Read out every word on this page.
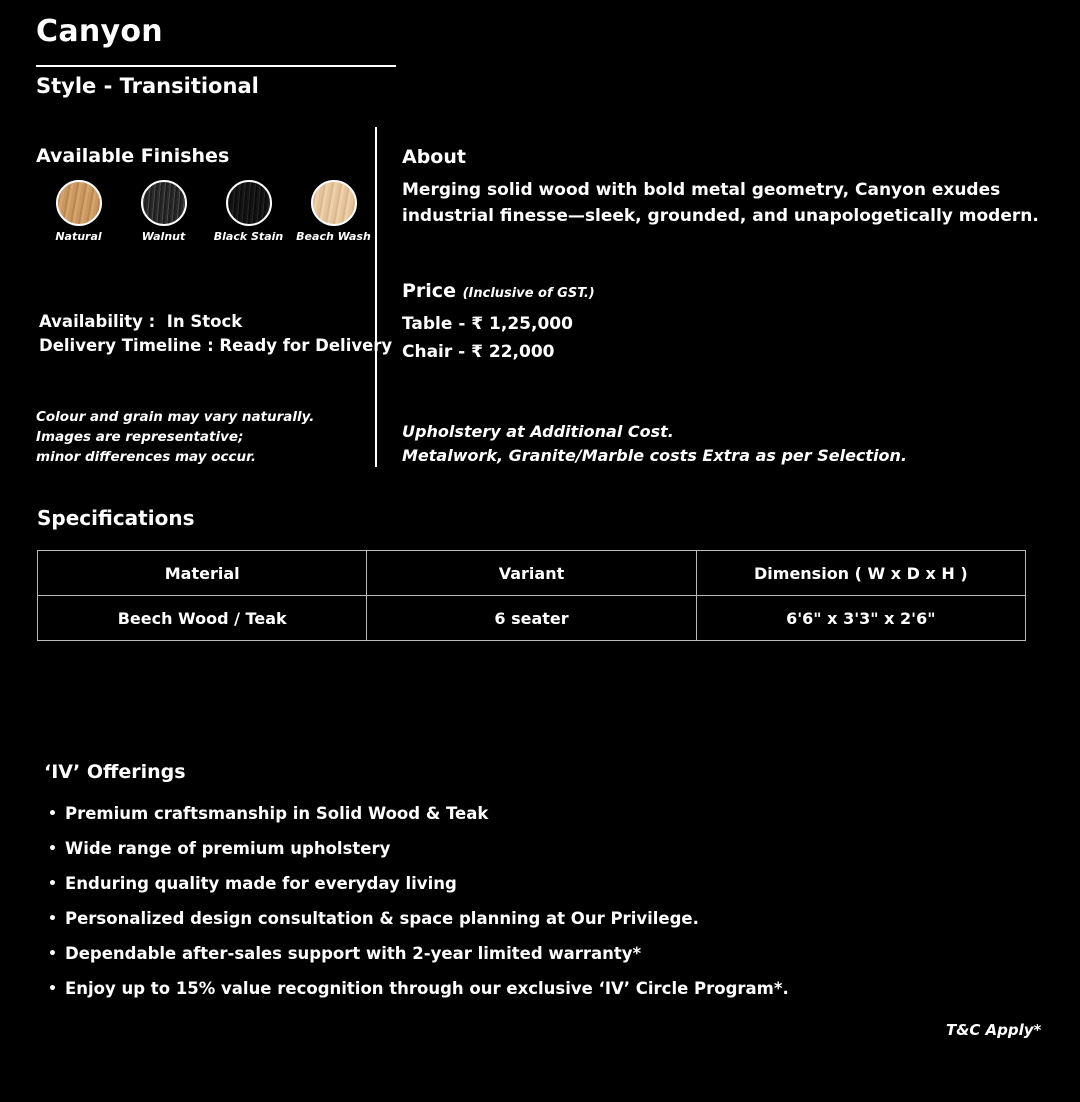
Canyon
Style - Transitional
Available Finishes
Natural	Walnut	Black Stain Beach Wash
Availability :  In Stock
Delivery Timeline : Ready for Delivery
Colour and grain may vary naturally.
Images are representative;
minor differences may occur.
About
Merging solid wood with bold metal geometry, Canyon exudes industrial finesse—sleek, grounded, and unapologetically modern.
Price (Inclusive of GST.)
Table - ₹ 1,25,000
Chair - ₹ 22,000
Upholstery at Additional Cost.
Metalwork, Granite/Marble costs Extra as per Selection.
Specifications
Material	Variant	Dimension ( W x D x H )
Beech Wood / Teak	6 seater	6'6" x 3'3" x 2'6"
‘IV’ Offerings
• Premium craftsmanship in Solid Wood & Teak
• Wide range of premium upholstery
• Enduring quality made for everyday living
• Personalized design consultation & space planning at Our Privilege.
• Dependable after-sales support with 2-year limited warranty*
• Enjoy up to 15% value recognition through our exclusive ‘IV’ Circle Program*.
T&C Apply*
